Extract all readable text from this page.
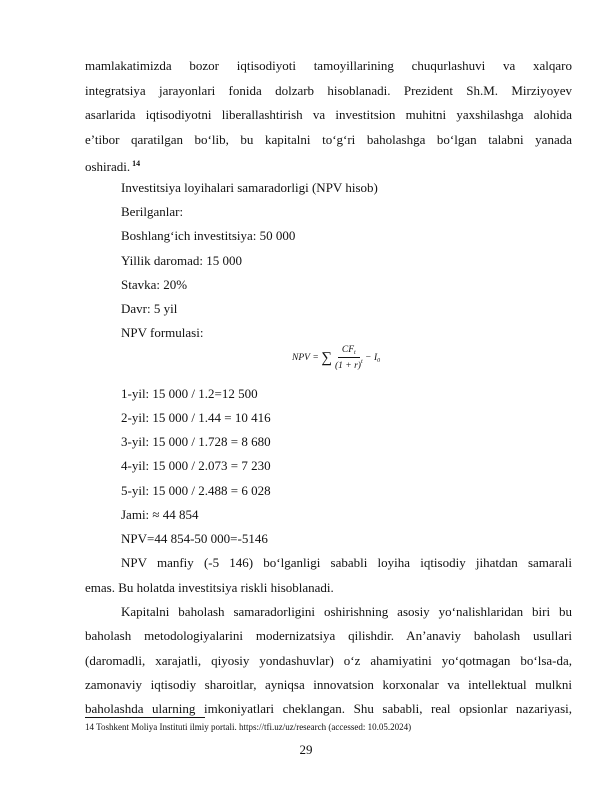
mamlakatimizda bozor iqtisodiyoti tamoyillarining chuqurlashuvi va xalqaro
integratsiya jarayonlari fonida dolzarb hisoblanadi. Prezident Sh.M. Mirziyoyev
asarlarida iqtisodiyotni liberallashtirish va investitsion muhitni yaxshilashga alohida
e’tibor qaratilgan bo‘lib, bu kapitalni to‘g‘ri baholashga bo‘lgan talabni yanada
oshiradi. $^{14}$
Investitsiya loyihalari samaradorligi (NPV hisob)
Berilganlar:
Boshlang‘ich investitsiya: 50 000
Yillik daromad: 15 000
Stavka: 20%
Davr: 5 yil
NPV formulasi:
NPV = ∑ $\frac{CF_t}{(1 + r)^t} - I_0$
1-yil: 15 000 / 1.2=12 500
2-yil: 15 000 / 1.44 = 10 416
3-yil: 15 000 / 1.728 = 8 680
4-yil: 15 000 / 2.073 = 7 230
5-yil: 15 000 / 2.488 = 6 028
Jami: ≈ 44 854
NPV=44 854-50 000=-5146
NPV manfiy (-5 146) bo‘lganligi sababli loyiha iqtisodiy jihatdan samarali
emas. Bu holatda investitsiya riskli hisoblanadi.
Kapitalni baholash samaradorligini oshirishning asosiy yo‘nalishlaridan biri bu
baholash metodologiyalarini modernizatsiya qilishdir. An’anaviy baholash usullari
(daromadli, xarajatli, qiyosiy yondashuvlar) o‘z ahamiyatini yo‘qotmagan bo‘lsa-da,
zamonaviy iqtisodiy sharoitlar, ayniqsa innovatsion korxonalar va intellektual mulkni
baholashda ularning imkoniyatlari cheklangan. Shu sababli, real opsionlar nazariyasi,
14 Toshkent Moliya Instituti ilmiy portali. https://tfi.uz/uz/research (accessed: 10.05.2024)
29
